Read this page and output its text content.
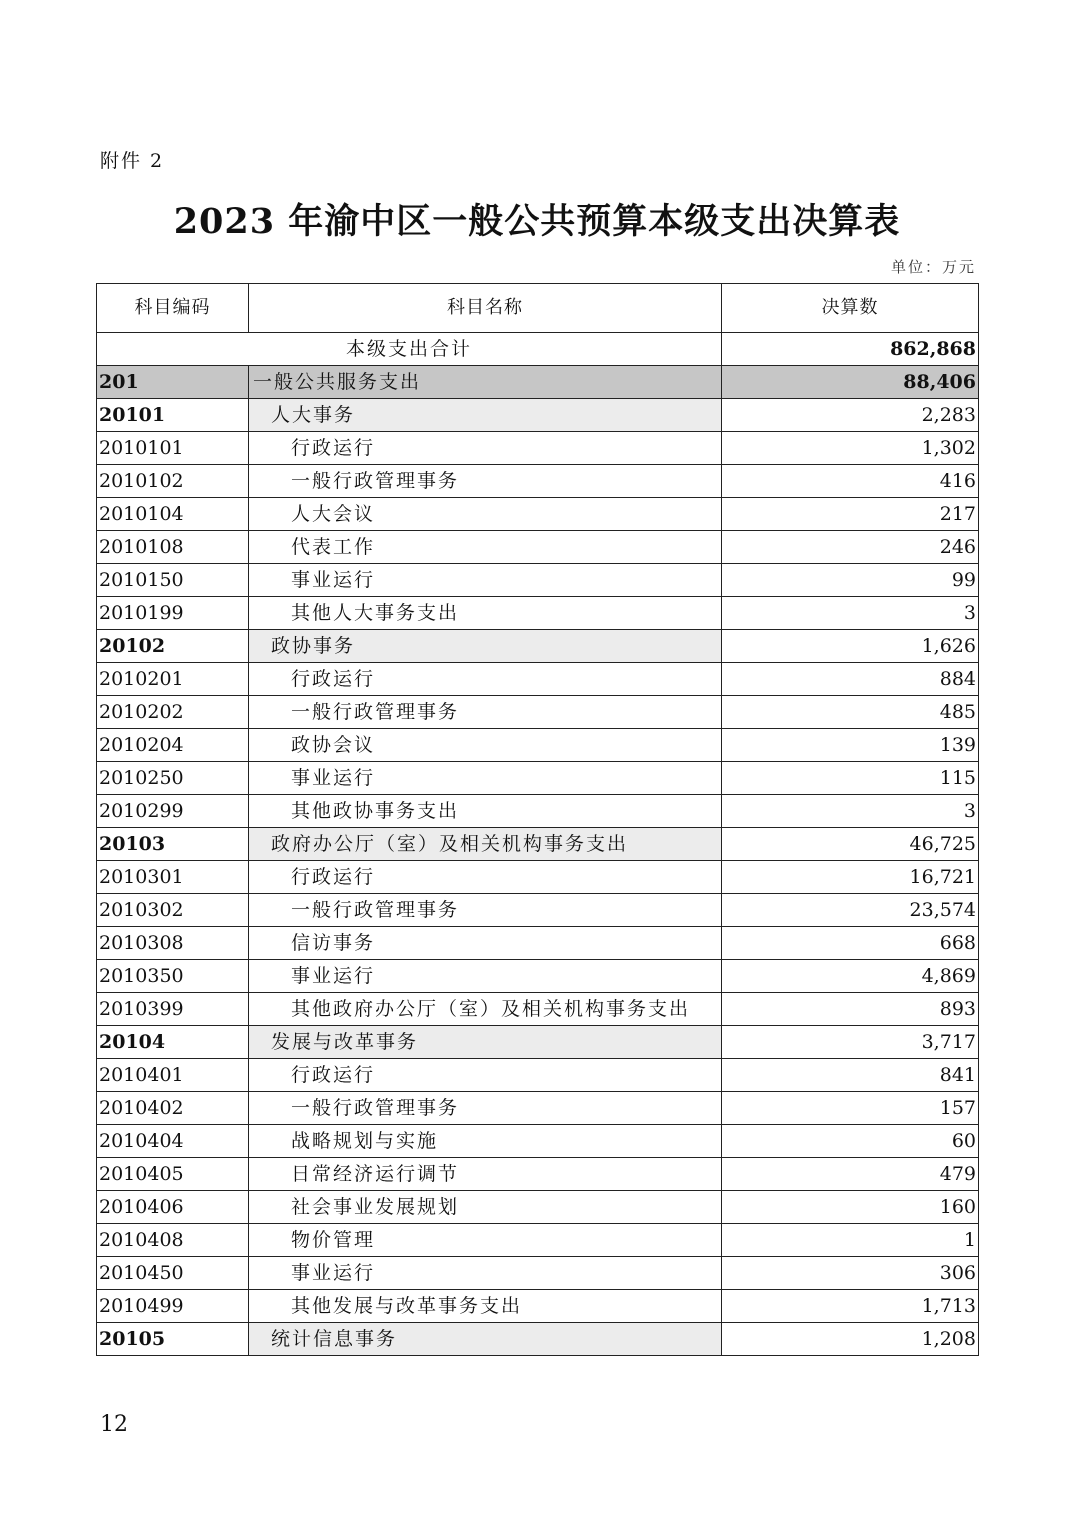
附件 2
2023 年渝中区一般公共预算本级支出决算表
单位：万元
科目编码	科目名称	决算数
本级支出合计		862,868
201	一般公共服务支出	88,406
20101	人大事务	2,283
2010101	行政运行	1,302
2010102	一般行政管理事务	416
2010104	人大会议	217
2010108	代表工作	246
2010150	事业运行	99
2010199	其他人大事务支出	3
20102	政协事务	1,626
2010201	行政运行	884
2010202	一般行政管理事务	485
2010204	政协会议	139
2010250	事业运行	115
2010299	其他政协事务支出	3
20103	政府办公厅（室）及相关机构事务支出	46,725
2010301	行政运行	16,721
2010302	一般行政管理事务	23,574
2010308	信访事务	668
2010350	事业运行	4,869
2010399	其他政府办公厅（室）及相关机构事务支出	893
20104	发展与改革事务	3,717
2010401	行政运行	841
2010402	一般行政管理事务	157
2010404	战略规划与实施	60
2010405	日常经济运行调节	479
2010406	社会事业发展规划	160
2010408	物价管理	1
2010450	事业运行	306
2010499	其他发展与改革事务支出	1,713
20105	统计信息事务	1,208
12
